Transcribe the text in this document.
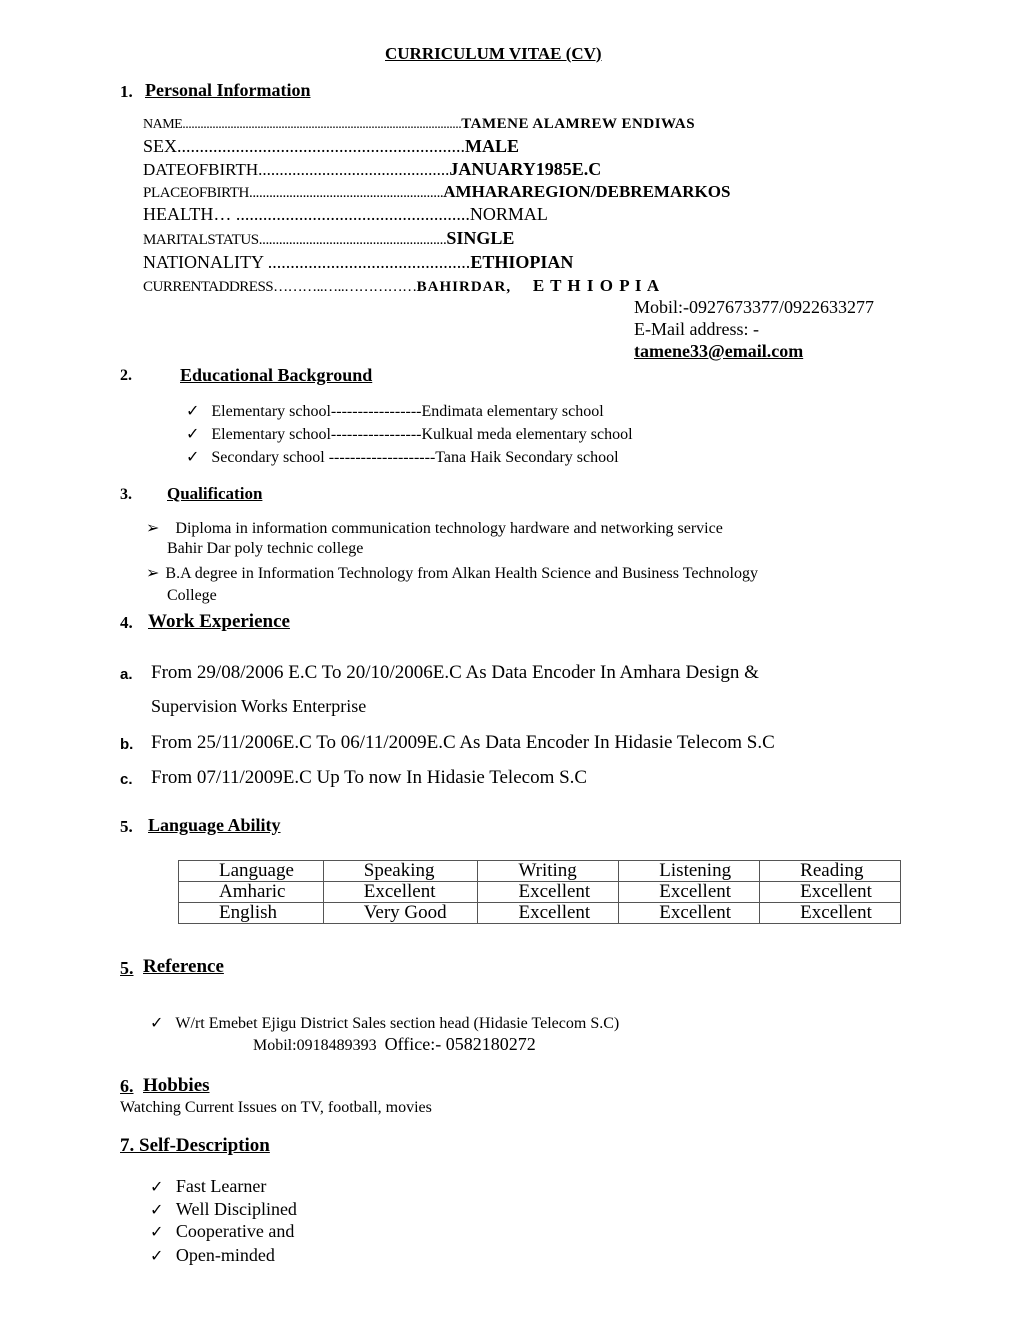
CURRICULUM VITAE (CV)
1. Personal Information
NAME.............................................................................................TAMENE ALAMREW ENDIWAS
SEX................................................................MALE
DATEOFBIRTH.............................................JANUARY1985E.C
PLACEOFBIRTH..........................................................AMHARAREGION/DEBREMARKOS
HEALTH… ....................................................NORMAL
MARITALSTATUS........................................................SINGLE
NATIONALITY .............................................ETHIOPIAN
CURRENTADDRESS………..…..……………BAHIRDAR, E T H I O P I A
Mobil:-0927673377/0922633277
E-Mail address: -
tamene33@email.com
2.	Educational Background
✓ Elementary school-----------------Endimata elementary school
✓ Elementary school-----------------Kulkual meda elementary school
✓ Secondary school --------------------Tana Haik Secondary school
3. Qualification
➢ Diploma in information communication technology hardware and networking service
Bahir Dar poly technic college
➢ B.A degree in Information Technology from Alkan Health Science and Business Technology
College
4. Work Experience
a. From 29/08/2006 E.C To 20/10/2006E.C As Data Encoder In Amhara Design &
Supervision Works Enterprise
b. From 25/11/2006E.C To 06/11/2009E.C As Data Encoder In Hidasie Telecom S.C
c. From 07/11/2009E.C Up To now In Hidasie Telecom S.C
5. Language Ability
Language	Speaking	Writing	Listening	Reading
Amharic	Excellent	Excellent	Excellent	Excellent
English	Very Good	Excellent	Excellent	Excellent
5. Reference
✓ W/rt Emebet Ejigu District Sales section head (Hidasie Telecom S.C)
Mobil:0918489393 Office:- 0582180272
6. Hobbies
Watching Current Issues on TV, football, movies
7. Self-Description
✓ Fast Learner
✓ Well Disciplined
✓ Cooperative and
✓ Open-minded
